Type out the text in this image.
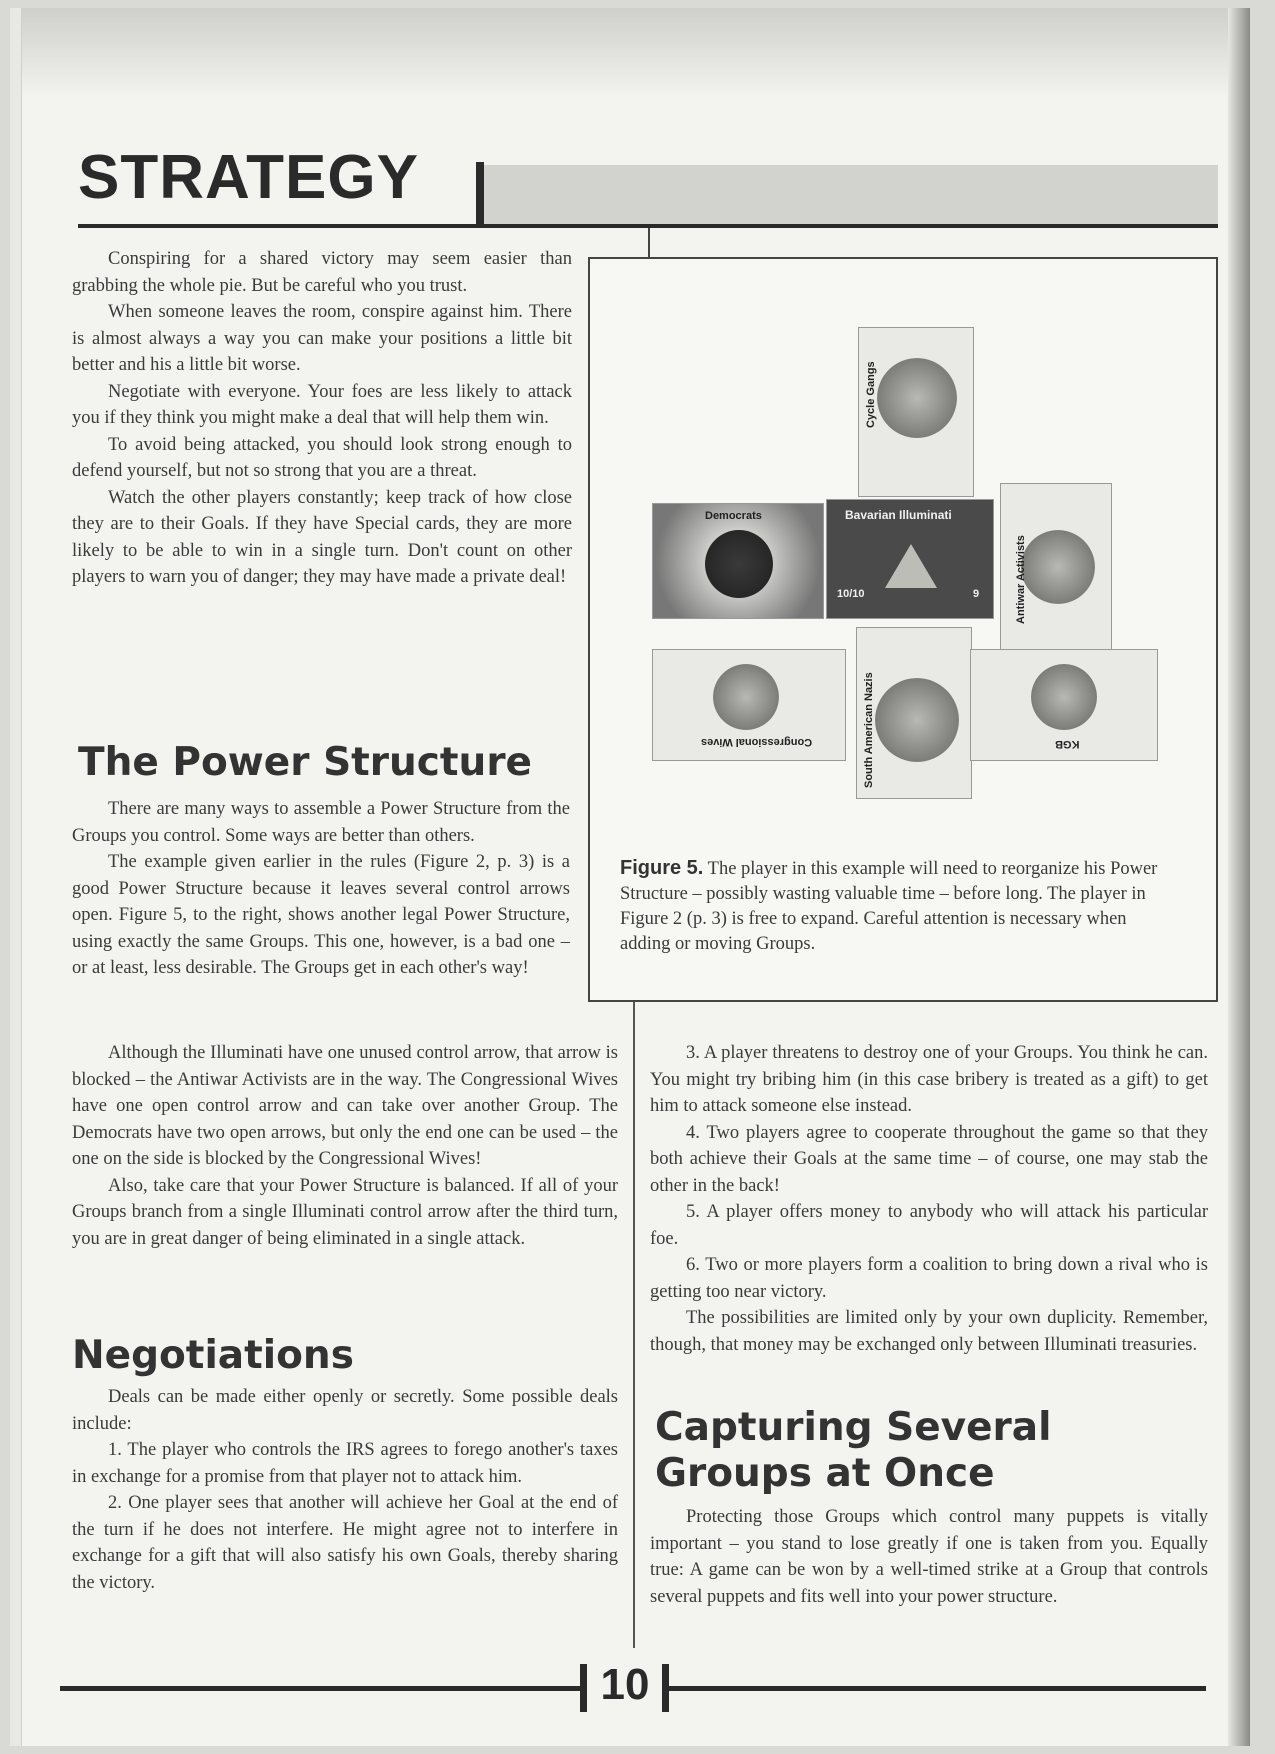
STRATEGY

Conspiring for a shared victory may seem easier than grabbing the whole pie. But be careful who you trust.

When someone leaves the room, conspire against him. There is almost always a way you can make your positions a little bit better and his a little bit worse.

Negotiate with everyone. Your foes are less likely to attack you if they think you might make a deal that will help them win.

To avoid being attacked, you should look strong enough to defend yourself, but not so strong that you are a threat.

Watch the other players constantly; keep track of how close they are to their Goals. If they have Special cards, they are more likely to be able to win in a single turn. Don't count on other players to warn you of danger; they may have made a private deal!

The Power Structure

There are many ways to assemble a Power Structure from the Groups you control. Some ways are better than others.

The example given earlier in the rules (Figure 2, p. 3) is a good Power Structure because it leaves several control arrows open. Figure 5, to the right, shows another legal Power Structure, using exactly the same Groups. This one, however, is a bad one – or at least, less desirable. The Groups get in each other's way!

Although the Illuminati have one unused control arrow, that arrow is blocked – the Antiwar Activists are in the way. The Congressional Wives have one open control arrow and can take over another Group. The Democrats have two open arrows, but only the end one can be used – the one on the side is blocked by the Congressional Wives!

Also, take care that your Power Structure is balanced. If all of your Groups branch from a single Illuminati control arrow after the third turn, you are in great danger of being eliminated in a single attack.

Cycle Gangs
Democrats	Bavarian Illuminati
10/10	9	Antiwar Activists
Congressional Wives	South American Nazis	KGB
Figure 5. The player in this example will need to reorganize his Power Structure – possibly wasting valuable time – before long. The player in Figure 2 (p. 3) is free to expand. Careful attention is necessary when adding or moving Groups.
Negotiations

Deals can be made either openly or secretly. Some possible deals include:

1. The player who controls the IRS agrees to forego another's taxes in exchange for a promise from that player not to attack him.

2. One player sees that another will achieve her Goal at the end of the turn if he does not interfere. He might agree not to interfere in exchange for a gift that will also satisfy his own Goals, thereby sharing the victory.

3. A player threatens to destroy one of your Groups. You think he can. You might try bribing him (in this case bribery is treated as a gift) to get him to attack someone else instead.

4. Two players agree to cooperate throughout the game so that they both achieve their Goals at the same time – of course, one may stab the other in the back!

5. A player offers money to anybody who will attack his particular foe.

6. Two or more players form a coalition to bring down a rival who is getting too near victory.

The possibilities are limited only by your own duplicity. Remember, though, that money may be exchanged only between Illuminati treasuries.

Capturing Several Groups at Once

Protecting those Groups which control many puppets is vitally important – you stand to lose greatly if one is taken from you. Equally true: A game can be won by a well-timed strike at a Group that controls several puppets and fits well into your power structure.

10
